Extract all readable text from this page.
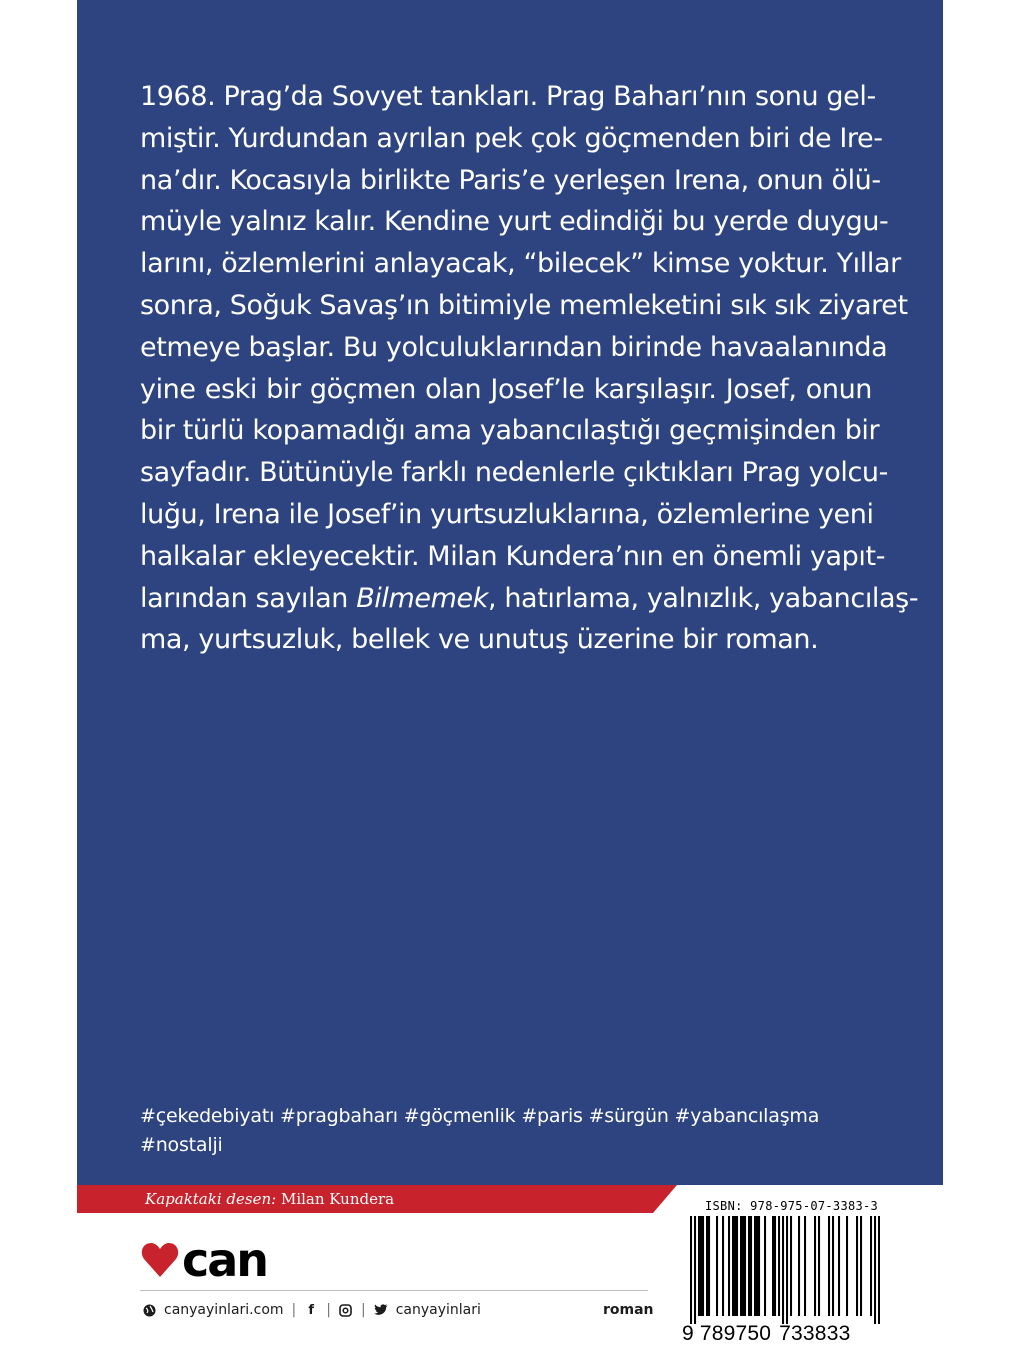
1968. Prag’da Sovyet tankları. Prag Baharı’nın sonu gel-
miştir. Yurdundan ayrılan pek çok göçmenden biri de Ire-
na’dır. Kocasıyla birlikte Paris’e yerleşen Irena, onun ölü-
müyle yalnız kalır. Kendine yurt edindiği bu yerde duygu-
larını, özlemlerini anlayacak, “bilecek” kimse yoktur. Yıllar
sonra, Soğuk Savaş’ın bitimiyle memleketini sık sık ziyaret
etmeye başlar. Bu yolculuklarından birinde havaalanında
yine eski bir göçmen olan Josef’le karşılaşır. Josef, onun
bir türlü kopamadığı ama yabancılaştığı geçmişinden bir
sayfadır. Bütünüyle farklı nedenlerle çıktıkları Prag yolcu-
luğu, Irena ile Josef’in yurtsuzluklarına, özlemlerine yeni
halkalar ekleyecektir. Milan Kundera’nın en önemli yapıt-
larından sayılan Bilmemek, hatırlama, yalnızlık, yabancılaş-
ma, yurtsuzluk, bellek ve unutuş üzerine bir roman.
#çekedebiyatı #pragbaharı #göçmenlik #paris #sürgün #yabancılaşma
#nostalji
Kapaktaki desen: Milan Kundera
can
canyayinlari.com | f | | canyayinlari	roman
ISBN: 978-975-07-3383-3
9 789750 733833
